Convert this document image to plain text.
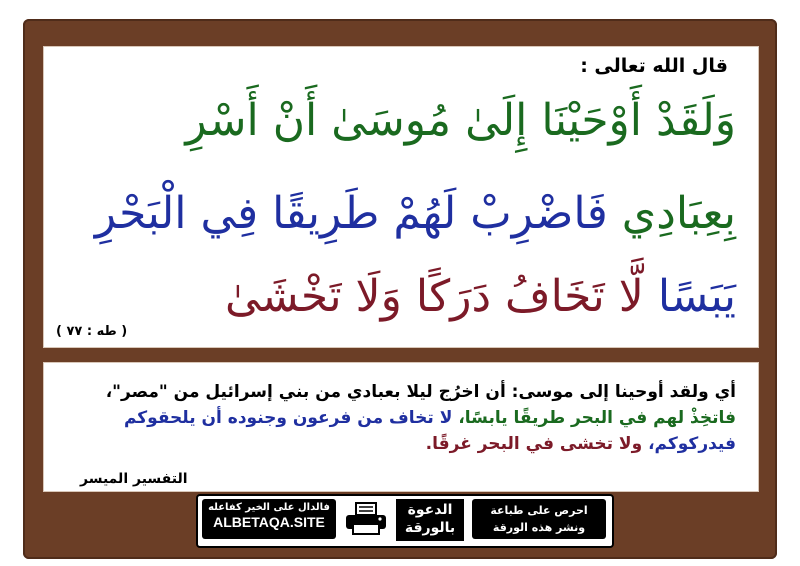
قال الله تعالى :
وَلَقَدْ أَوْحَيْنَا إِلَىٰ مُوسَىٰ أَنْ أَسْرِ
بِعِبَادِي فَاضْرِبْ لَهُمْ طَرِيقًا فِي الْبَحْرِ
يَبَسًا لَّا تَخَافُ دَرَكًا وَلَا تَخْشَىٰ
( طه : ٧٧ )
أي ولقد أوحينا إلى موسى: أن اخرُج ليلا بعبادي من بني إسرائيل من "مصر"،
فاتخِذْ لهم في البحر طريقًا يابسًا، لا تخاف من فرعون وجنوده أن يلحقوكم
فيدركوكم، ولا تخشى في البحر غرقًا.
التفسير الميسر
فالدال على الخير كفاعله
ALBETAQA.SITE
الدعوة
بالورقة
احرص على طباعة
ونشر هذه الورقة
